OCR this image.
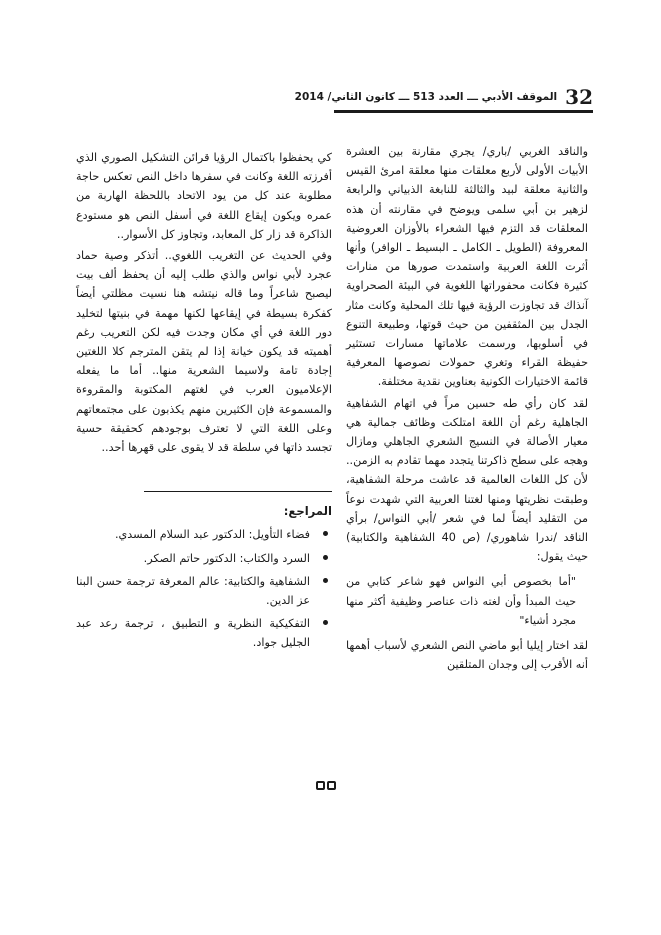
32
الموقف الأدبي ـــ العدد 513 ـــ كانون الثاني/ 2014

والناقد الغربي /باري/ يجري مقارنة بين العشرة الأبيات الأولى لأربع معلقات منها معلقة امرئ القيس والثانية معلقة لبيد والثالثة للنابغة الذبياني والرابعة لزهير بن أبي سلمى ويوضح في مقارنته أن هذه المعلقات قد التزم فيها الشعراء بالأوزان العروضية المعروفة (الطويل ـ الكامل ـ البسيط ـ الوافر) وأنها أثرت اللغة العربية واستمدت صورها من منارات كثيرة فكانت محفوراتها اللغوية في البيئة الصحراوية آنذاك قد تجاوزت الرؤية فيها تلك المحلية وكانت مثار الجدل بين المثقفين من حيث قوتها، وطبيعة التنوع في أسلوبها، ورسمت علاماتها مسارات تستثير حفيظة القراء وتغري حمولات نصوصها المعرفية قائمة الاختيارات الكونية بعناوين نقدية مختلفة.

لقد كان رأي طه حسين مراً في اتهام الشفاهية الجاهلية رغم أن اللغة امتلكت وظائف جمالية هي معيار الأصالة في النسيج الشعري الجاهلي ومازال وهجه على سطح ذاكرتنا يتجدد مهما تقادم به الزمن.. لأن كل اللغات العالمية قد عاشت مرحلة الشفاهية، وطبقت نظريتها ومنها لغتنا العربية التي شهدت نوعاً من التقليد أيضاً لما في شعر /أبي النواس/ برأي الناقد /ندرا شاهوري/ (ص 40 الشفاهية والكتابية) حيث يقول:

"أما بخصوص أبي النواس فهو شاعر كتابي من حيث المبدأ وأن لغته ذات عناصر وظيفية أكثر منها مجرد أشياء"

لقد اختار إيليا أبو ماضي النص الشعري لأسباب أهمها أنه الأقرب إلى وجدان المتلقين

كي يحفظوا باكتمال الرؤيا قرائن التشكيل الصوري الذي أفرزته اللغة وكانت في سفرها داخل النص تعكس حاجة مطلوبة عند كل من يود الاتحاد باللحظة الهاربة من عمره ويكون إيقاع اللغة في أسفل النص هو مستودع الذاكرة قد زار كل المعابد، وتجاوز كل الأسوار..

وفي الحديث عن التغريب اللغوي.. أتذكر وصية حماد عجرد لأبي نواس والذي طلب إليه أن يحفظ ألف بيت ليصبح شاعراً وما قاله نيتشه هنا نسيت مظلتي أيضاً كفكرة بسيطة في إيقاعها لكنها مهمة في بنيتها لتخليد دور اللغة في أي مكان وجدت فيه لكن التعريب رغم أهميته قد يكون خيانة إذا لم يتقن المترجم كلا اللغتين إجادة تامة ولاسيما الشعرية منها.. أما ما يفعله الإعلاميون العرب في لغتهم المكتوبة والمقروءة والمسموعة فإن الكثيرين منهم يكذبون على مجتمعاتهم وعلى اللغة التي لا تعترف بوجودهم كحقيقة حسية تجسد ذاتها في سلطة قد لا يقوى على قهرها أحد..

المراجع:

فضاء التأويل: الدكتور عبد السلام المسدي.
السرد والكتاب: الدكتور حاتم الصكر.
الشفاهية والكتابية: عالم المعرفة ترجمة حسن البنا عز الدين.
التفكيكية النظرية و التطبيق ، ترجمة رعد عبد الجليل جواد.
